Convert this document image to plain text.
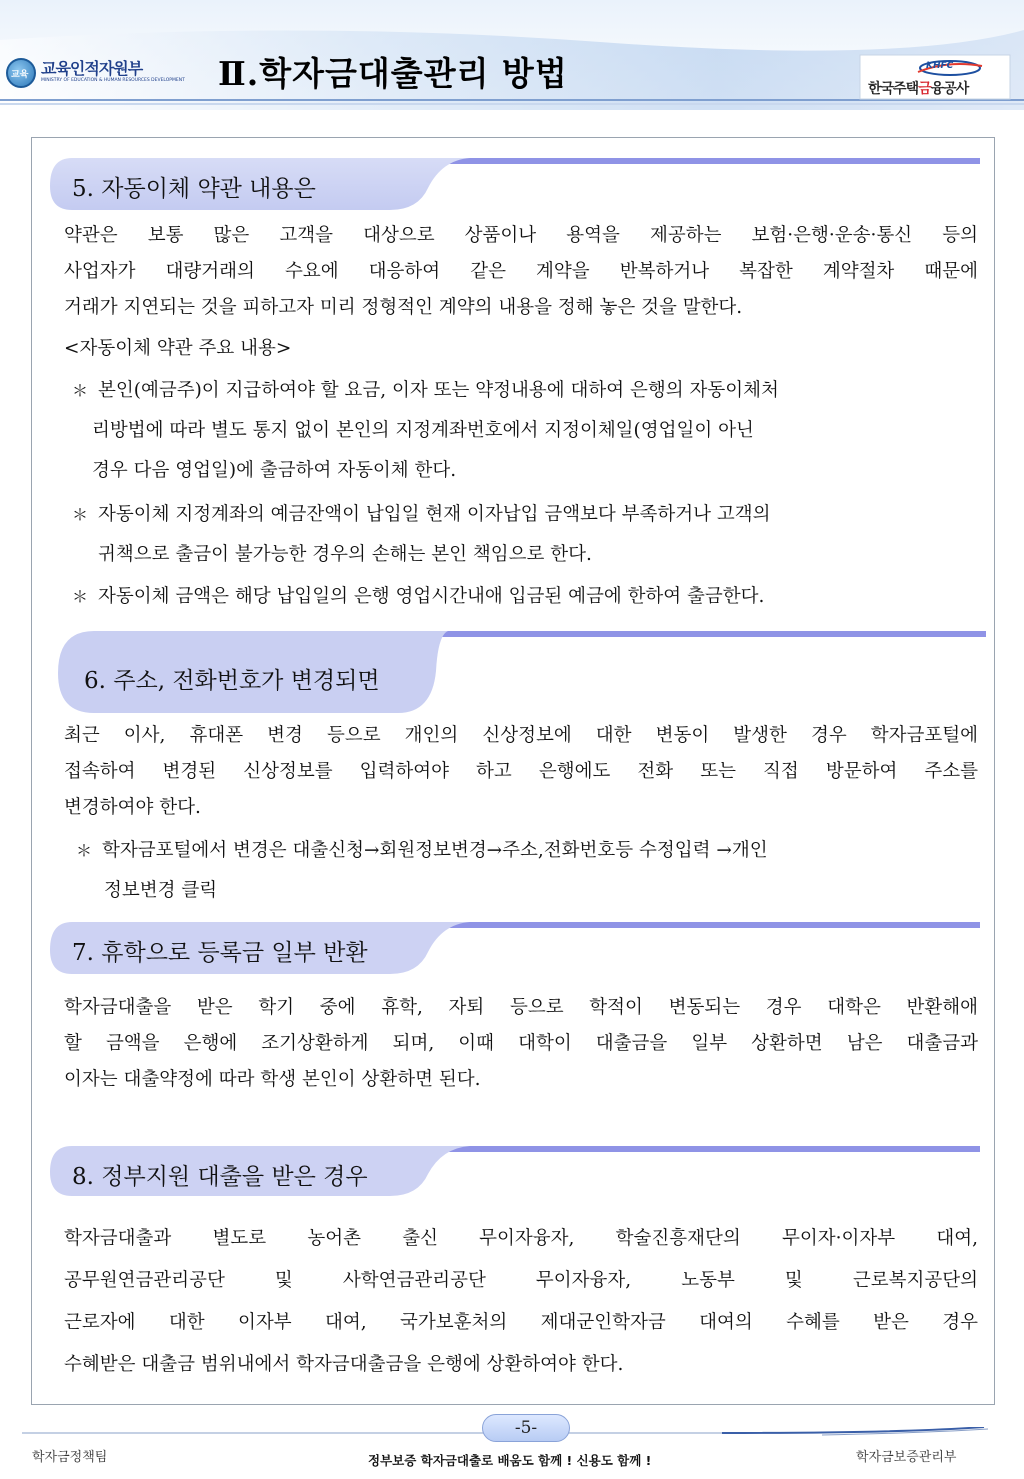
교육 교육인적자원부
MINISTRY OF EDUCATION & HUMAN RESOURCES DEVELOPMENT Ⅱ.학자금대출관리 방법	KHFC
한국주택금융공사
5. 자동이체 약관 내용은
약관은 보통 많은 고객을 대상으로 상품이나 용역을 제공하는 보험·은행·운송·통신 등의
사업자가 대량거래의 수요에 대응하여 같은 계약을 반복하거나 복잡한 계약절차 때문에
거래가 지연되는 것을 피하고자 미리 정형적인 계약의 내용을 정해 놓은 것을 말한다.
<자동이체 약관 주요 내용>
＊ 본인(예금주)이 지급하여야 할 요금, 이자 또는 약정내용에 대하여 은행의 자동이체처
리방법에 따라 별도 통지 없이 본인의 지정계좌번호에서 지정이체일(영업일이 아닌
경우 다음 영업일)에 출금하여 자동이체 한다.
＊ 자동이체 지정계좌의 예금잔액이 납입일 현재 이자납입 금액보다 부족하거나 고객의
귀책으로 출금이 불가능한 경우의 손해는 본인 책임으로 한다.
＊ 자동이체 금액은 해당 납입일의 은행 영업시간내애 입금된 예금에 한하여 출금한다.
6. 주소, 전화번호가 변경되면
최근 이사, 휴대폰 변경 등으로 개인의 신상정보에 대한 변동이 발생한 경우 학자금포털에
접속하여 변경된 신상정보를 입력하여야 하고 은행에도 전화 또는 직접 방문하여 주소를
변경하여야 한다.
＊ 학자금포털에서 변경은 대출신청→회원정보변경→주소,전화번호등 수정입력 →개인
정보변경 클릭
7. 휴학으로 등록금 일부 반환
학자금대출을 받은 학기 중에 휴학, 자퇴 등으로 학적이 변동되는 경우 대학은 반환해애
할 금액을 은행에 조기상환하게 되며, 이때 대학이 대출금을 일부 상환하면 남은 대출금과
이자는 대출약정에 따라 학생 본인이 상환하면 된다.
8. 정부지원 대출을 받은 경우
학자금대출과 별도로 농어촌 출신 무이자융자, 학술진흥재단의 무이자·이자부 대여,
공무원연금관리공단 및 사학연금관리공단 무이자융자, 노동부 및 근로복지공단의
근로자에 대한 이자부 대여, 국가보훈처의 제대군인학자금 대여의 수혜를 받은 경우
수혜받은 대출금 범위내에서 학자금대출금을 은행에 상환하여야 한다.
-5-
학자금정책팀	정부보증 학자금대출로 배움도 함께 ! 신용도 함께 !	학자금보증관리부
